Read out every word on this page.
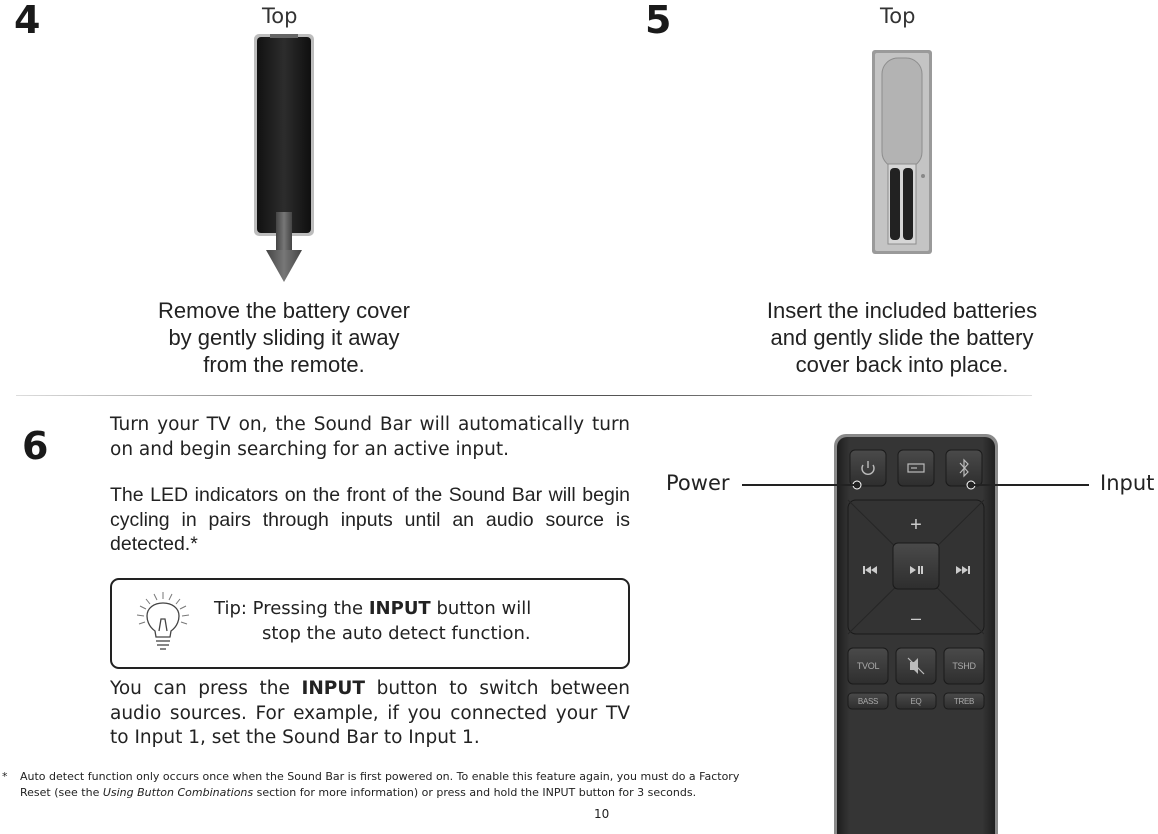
4	Top
Remove the battery cover
by gently sliding it away
from the remote.
5	Top
Insert the included batteries
and gently slide the battery
cover back into place.
6	Turn your TV on, the Sound Bar will automatically turn on and begin searching for an active input.
The LED indicators on the front of the Sound Bar will begin cycling in pairs through inputs until an audio source is detected.*
Tip: Pressing the INPUT button will
stop the auto detect function.
You can press the INPUT button to switch between audio sources. For example, if you connected your TV to Input 1, set the Sound Bar to Input 1.
+
–
TVOL	TSHD
BASS	EQ	TREB
Power	Input
* Auto detect function only occurs once when the Sound Bar is first powered on. To enable this feature again, you must do a Factory
Reset (see the Using Button Combinations section for more information) or press and hold the INPUT button for 3 seconds.
10
